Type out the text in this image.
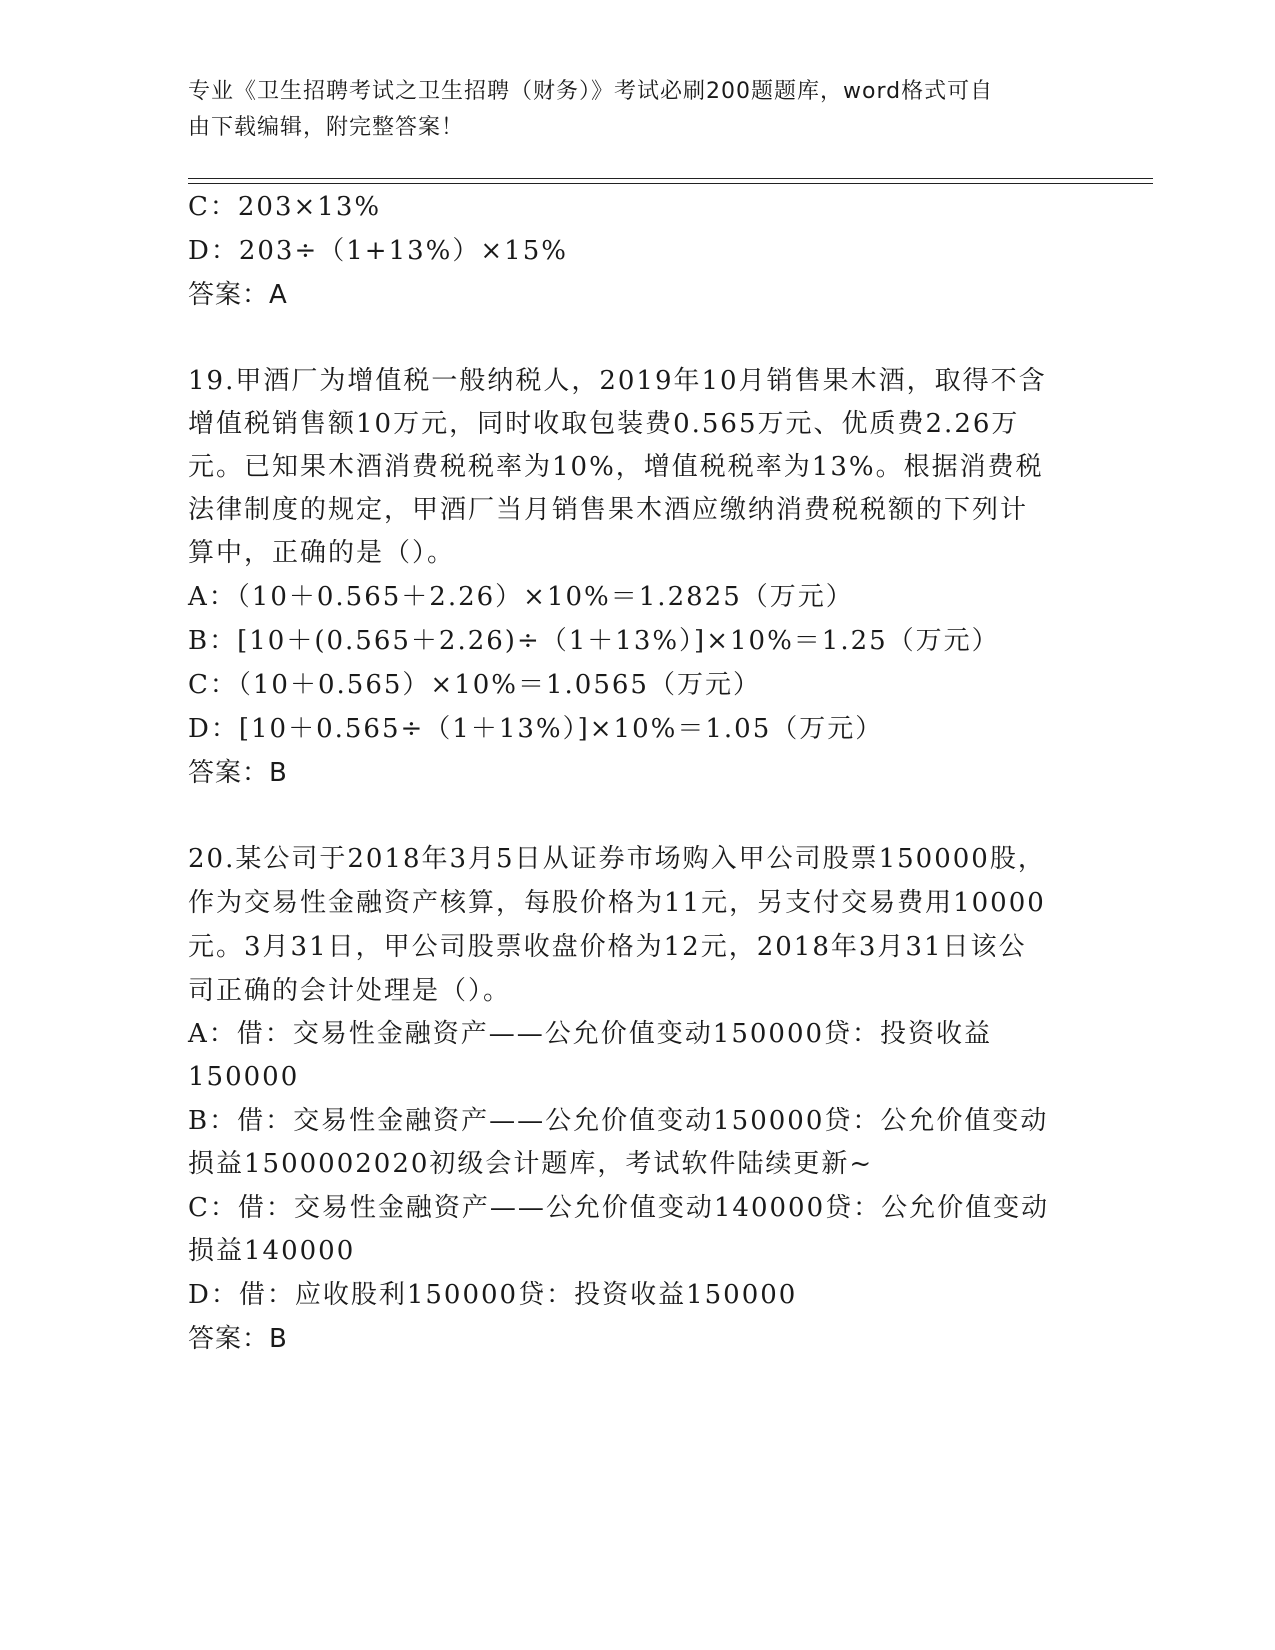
专业《卫生招聘考试之卫生招聘（财务）》考试必刷200题题库，word格式可自
由下载编辑，附完整答案！
C：203×13%
D：203÷（1+13%）×15%
答案：A
19.甲酒厂为增值税一般纳税人，2019年10月销售果木酒，取得不含
增值税销售额10万元，同时收取包装费0.565万元、优质费2.26万
元。已知果木酒消费税税率为10%，增值税税率为13%。根据消费税
法律制度的规定，甲酒厂当月销售果木酒应缴纳消费税税额的下列计
算中，正确的是（）。
A：（10＋0.565＋2.26）×10%＝1.2825（万元）
B：[10＋(0.565＋2.26)÷（1＋13%）]×10%＝1.25（万元）
C：（10＋0.565）×10%＝1.0565（万元）
D：[10＋0.565÷（1＋13%）]×10%＝1.05（万元）
答案：B
20.某公司于2018年3月5日从证券市场购入甲公司股票150000股，
作为交易性金融资产核算，每股价格为11元，另支付交易费用10000
元。3月31日，甲公司股票收盘价格为12元，2018年3月31日该公
司正确的会计处理是（）。
A：借：交易性金融资产——公允价值变动150000贷：投资收益
150000
B：借：交易性金融资产——公允价值变动150000贷：公允价值变动
损益1500002020初级会计题库，考试软件陆续更新~
C：借：交易性金融资产——公允价值变动140000贷：公允价值变动
损益140000
D：借：应收股利150000贷：投资收益150000
答案：B
